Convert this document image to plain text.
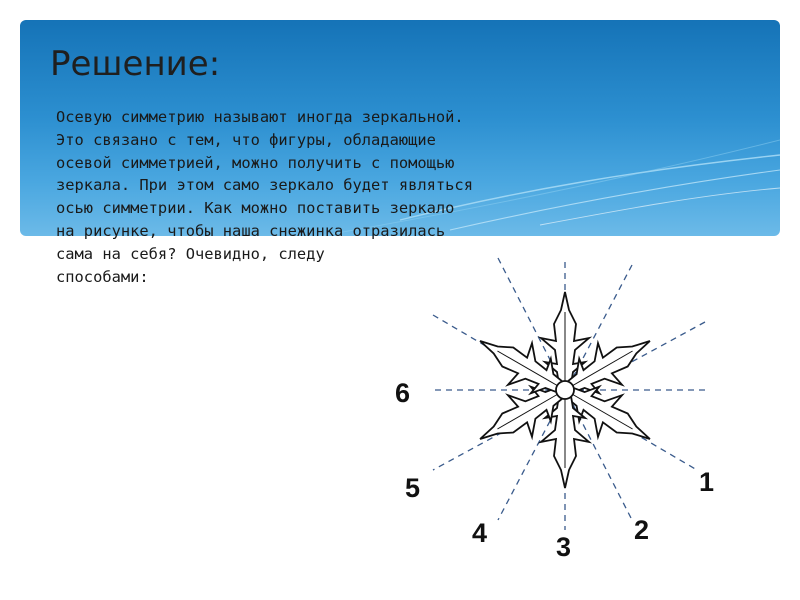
Решение:
Осевую симметрию называют иногда зеркальной.
Это связано с тем, что фигуры, обладающие
осевой симметрией, можно получить с помощью
зеркала. При этом само зеркало будет являться
осью симметрии. Как можно поставить зеркало
на рисунке, чтобы наша снежинка отразилась
сама на себя? Очевидно, следу
способами:
1
2
3
4
5
6
